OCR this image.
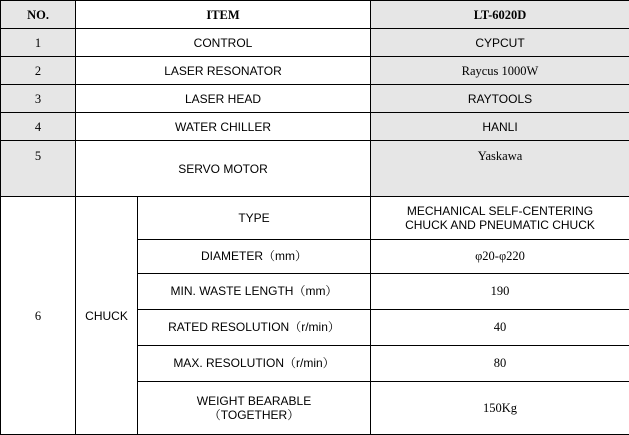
NO.	ITEM		LT-6020D
1	CONTROL		CYPCUT
2	LASER RESONATOR		Raycus 1000W
3	LASER HEAD		RAYTOOLS
4	WATER CHILLER		HANLI
5	SERVO MOTOR		Yaskawa
6	CHUCK	TYPE	MECHANICAL SELF-CENTERING
CHUCK AND PNEUMATIC CHUCK
		DIAMETER（mm）	φ20-φ220
		MIN. WASTE LENGTH（mm）	190
		RATED RESOLUTION（r/min）	40
		MAX. RESOLUTION（r/min）	80
		WEIGHT BEARABLE
（TOGETHER）	150Kg
